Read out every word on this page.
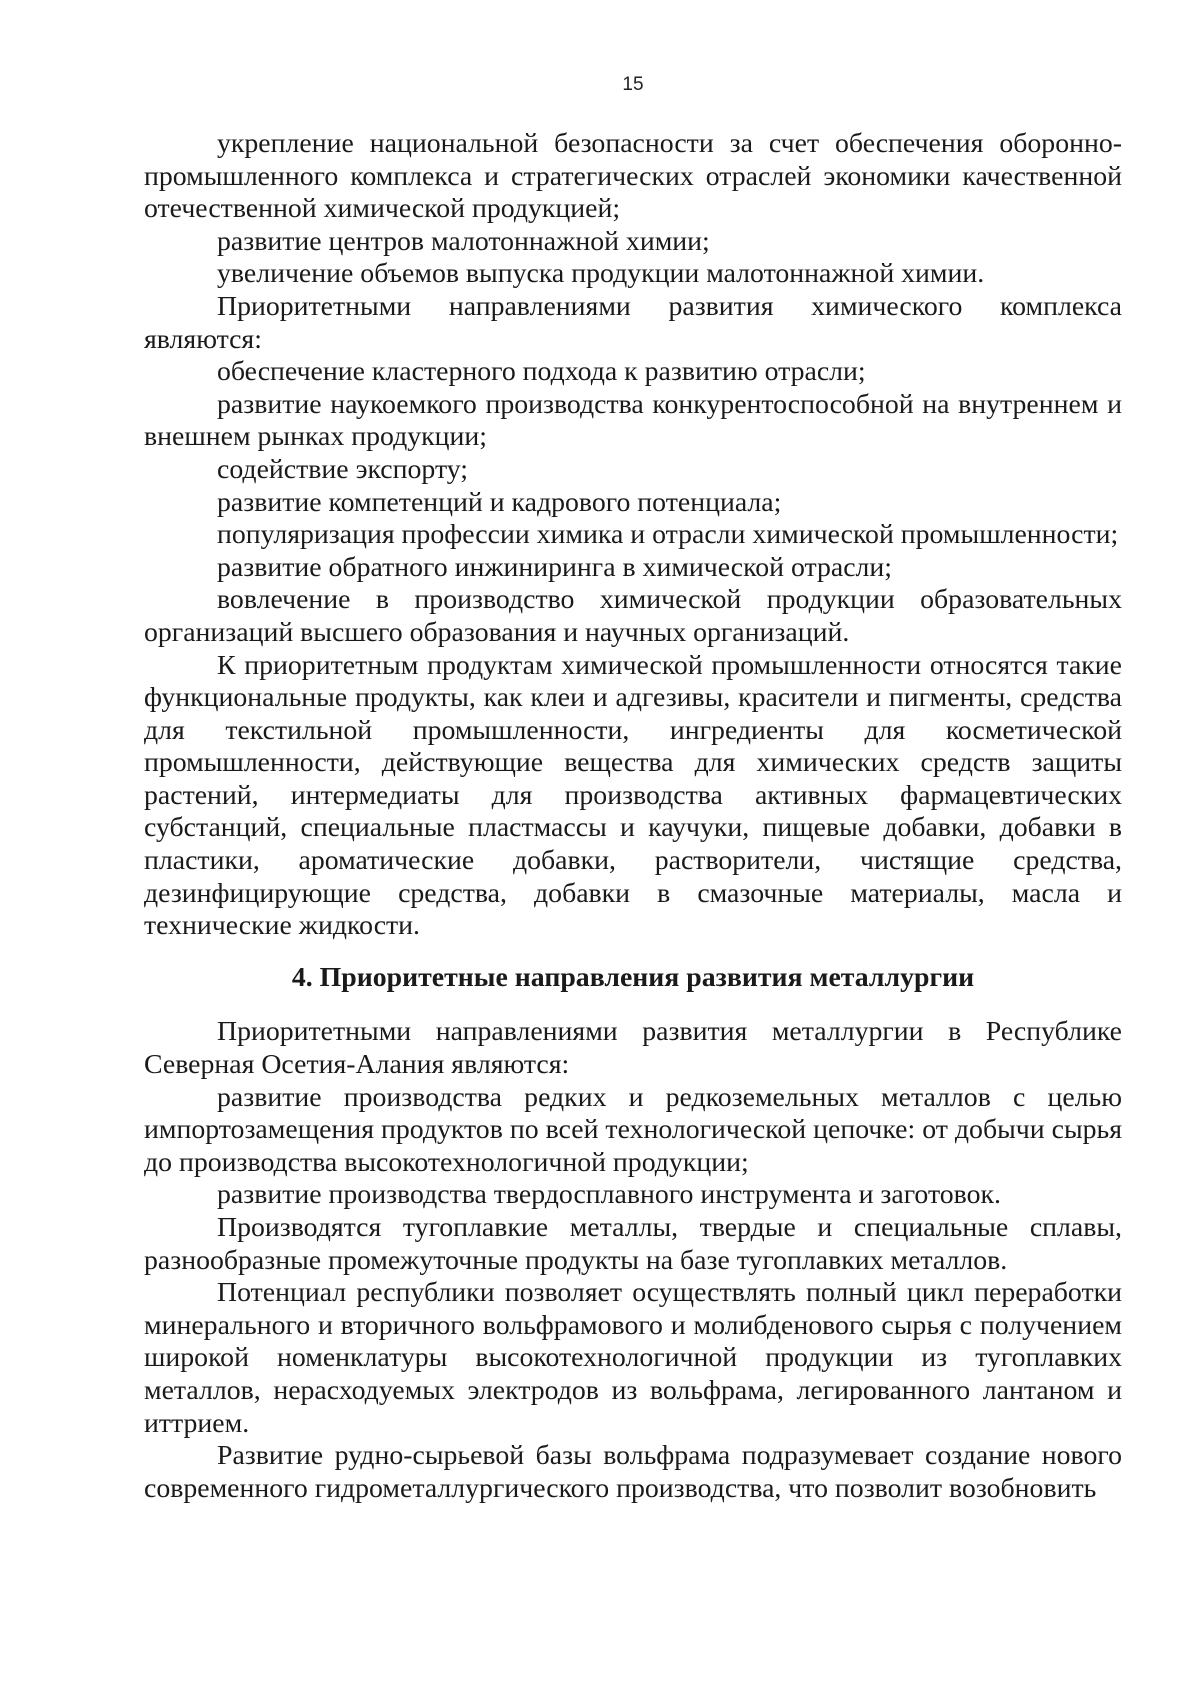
15

укрепление национальной безопасности за счет обеспечения оборонно-промышленного комплекса и стратегических отраслей экономики качественной отечественной химической продукцией;

развитие центров малотоннажной химии;

увеличение объемов выпуска продукции малотоннажной химии.

Приоритетными направлениями развития химического комплекса являются:

обеспечение кластерного подхода к развитию отрасли;

развитие наукоемкого производства конкурентоспособной на внутреннем и внешнем рынках продукции;

содействие экспорту;

развитие компетенций и кадрового потенциала;

популяризация профессии химика и отрасли химической промышленности;

развитие обратного инжиниринга в химической отрасли;

вовлечение в производство химической продукции образовательных организаций высшего образования и научных организаций.

К приоритетным продуктам химической промышленности относятся такие функциональные продукты, как клеи и адгезивы, красители и пигменты, средства для текстильной промышленности, ингредиенты для косметической промышленности, действующие вещества для химических средств защиты растений, интермедиаты для производства активных фармацевтических субстанций, специальные пластмассы и каучуки, пищевые добавки, добавки в пластики, ароматические добавки, растворители, чистящие средства, дезинфицирующие средства, добавки в смазочные материалы, масла и технические жидкости.

4. Приоритетные направления развития металлургии

Приоритетными направлениями развития металлургии в Республике Северная Осетия-Алания являются:

развитие производства редких и редкоземельных металлов с целью импортозамещения продуктов по всей технологической цепочке: от добычи сырья до производства высокотехнологичной продукции;

развитие производства твердосплавного инструмента и заготовок.

Производятся тугоплавкие металлы, твердые и специальные сплавы, разнообразные промежуточные продукты на базе тугоплавких металлов.

Потенциал республики позволяет осуществлять полный цикл переработки минерального и вторичного вольфрамового и молибденового сырья с получением широкой номенклатуры высокотехнологичной продукции из тугоплавких металлов, нерасходуемых электродов из вольфрама, легированного лантаном и иттрием.

Развитие рудно-сырьевой базы вольфрама подразумевает создание нового современного гидрометаллургического производства, что позволит возобновить
